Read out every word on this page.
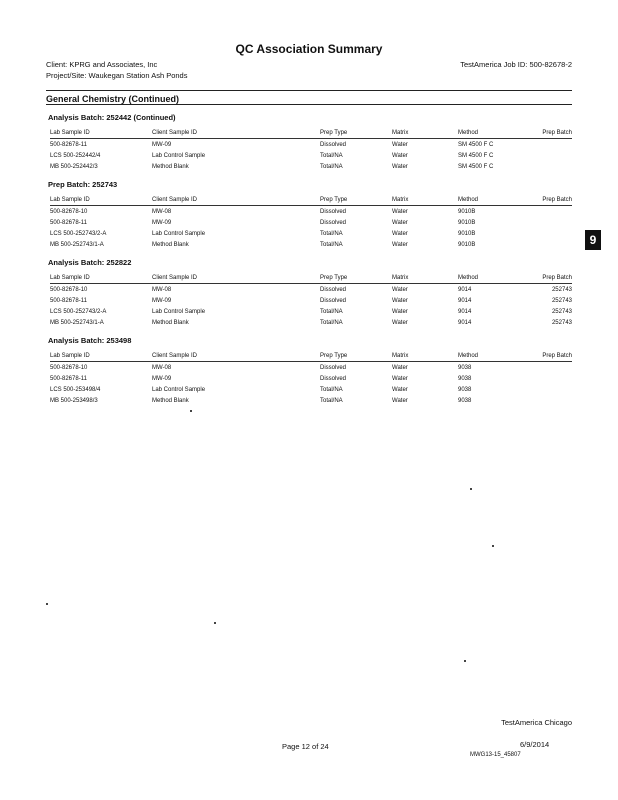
QC Association Summary
Client: KPRG and Associates, Inc
Project/Site: Waukegan Station Ash Ponds
TestAmerica Job ID: 500-82678-2
General Chemistry (Continued)
Analysis Batch: 252442 (Continued)
Lab Sample ID	Client Sample ID	Prep Type	Matrix	Method	Prep Batch
500-82678-11	MW-09	Dissolved	Water	SM 4500 F C	
LCS 500-252442/4	Lab Control Sample	Total/NA	Water	SM 4500 F C	
MB 500-252442/3	Method Blank	Total/NA	Water	SM 4500 F C	
Prep Batch: 252743
Lab Sample ID	Client Sample ID	Prep Type	Matrix	Method	Prep Batch
500-82678-10	MW-08	Dissolved	Water	9010B	
500-82678-11	MW-09	Dissolved	Water	9010B	
LCS 500-252743/2-A	Lab Control Sample	Total/NA	Water	9010B	
MB 500-252743/1-A	Method Blank	Total/NA	Water	9010B	
Analysis Batch: 252822
Lab Sample ID	Client Sample ID	Prep Type	Matrix	Method	Prep Batch
500-82678-10	MW-08	Dissolved	Water	9014	252743
500-82678-11	MW-09	Dissolved	Water	9014	252743
LCS 500-252743/2-A	Lab Control Sample	Total/NA	Water	9014	252743
MB 500-252743/1-A	Method Blank	Total/NA	Water	9014	252743
Analysis Batch: 253498
Lab Sample ID	Client Sample ID	Prep Type	Matrix	Method	Prep Batch
500-82678-10	MW-08	Dissolved	Water	9038	
500-82678-11	MW-09	Dissolved	Water	9038	
LCS 500-253498/4	Lab Control Sample	Total/NA	Water	9038	
MB 500-253498/3	Method Blank	Total/NA	Water	9038	
9
TestAmerica Chicago
Page 12 of 24	6/9/2014
MWG13-15_45807
